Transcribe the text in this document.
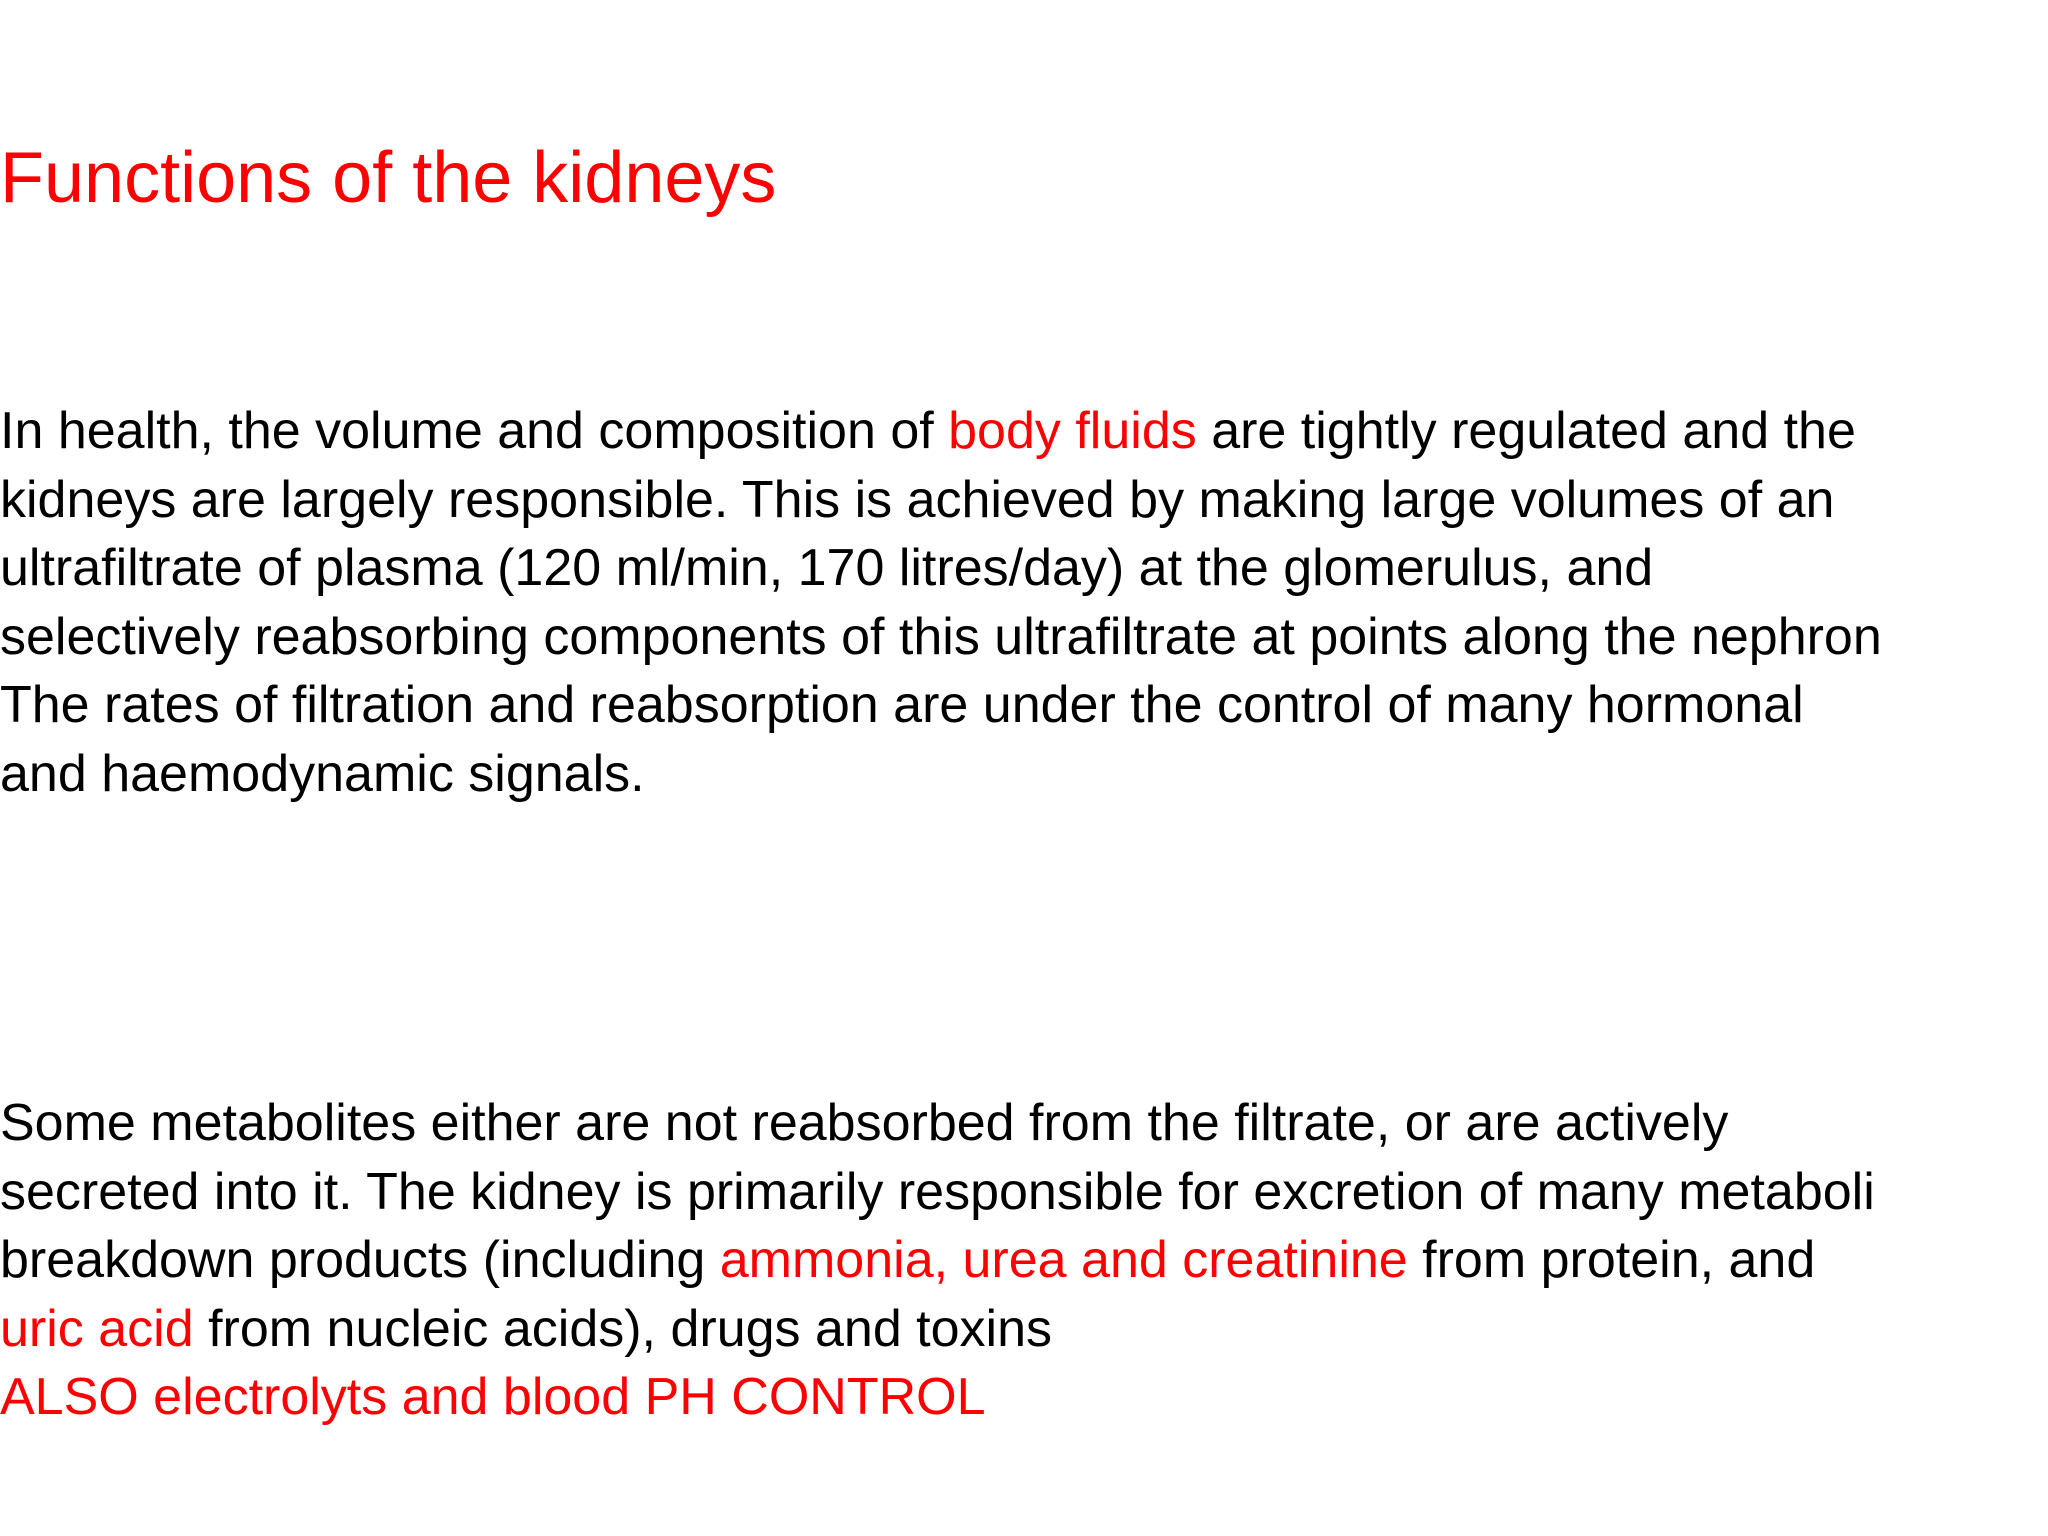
Functions of the kidneys

In health, the volume and composition of body fluids are tightly regulated and the
kidneys are largely responsible. This is achieved by making large volumes of an
ultrafiltrate of plasma (120 ml/min, 170 litres/day) at the glomerulus, and
selectively reabsorbing components of this ultrafiltrate at points along the nephron
The rates of filtration and reabsorption are under the control of many hormonal
and haemodynamic signals.

Some metabolites either are not reabsorbed from the filtrate, or are actively
secreted into it. The kidney is primarily responsible for excretion of many metaboli
breakdown products (including ammonia, urea and creatinine from protein, and
uric acid from nucleic acids), drugs and toxins
ALSO electrolyts and blood PH CONTROL
